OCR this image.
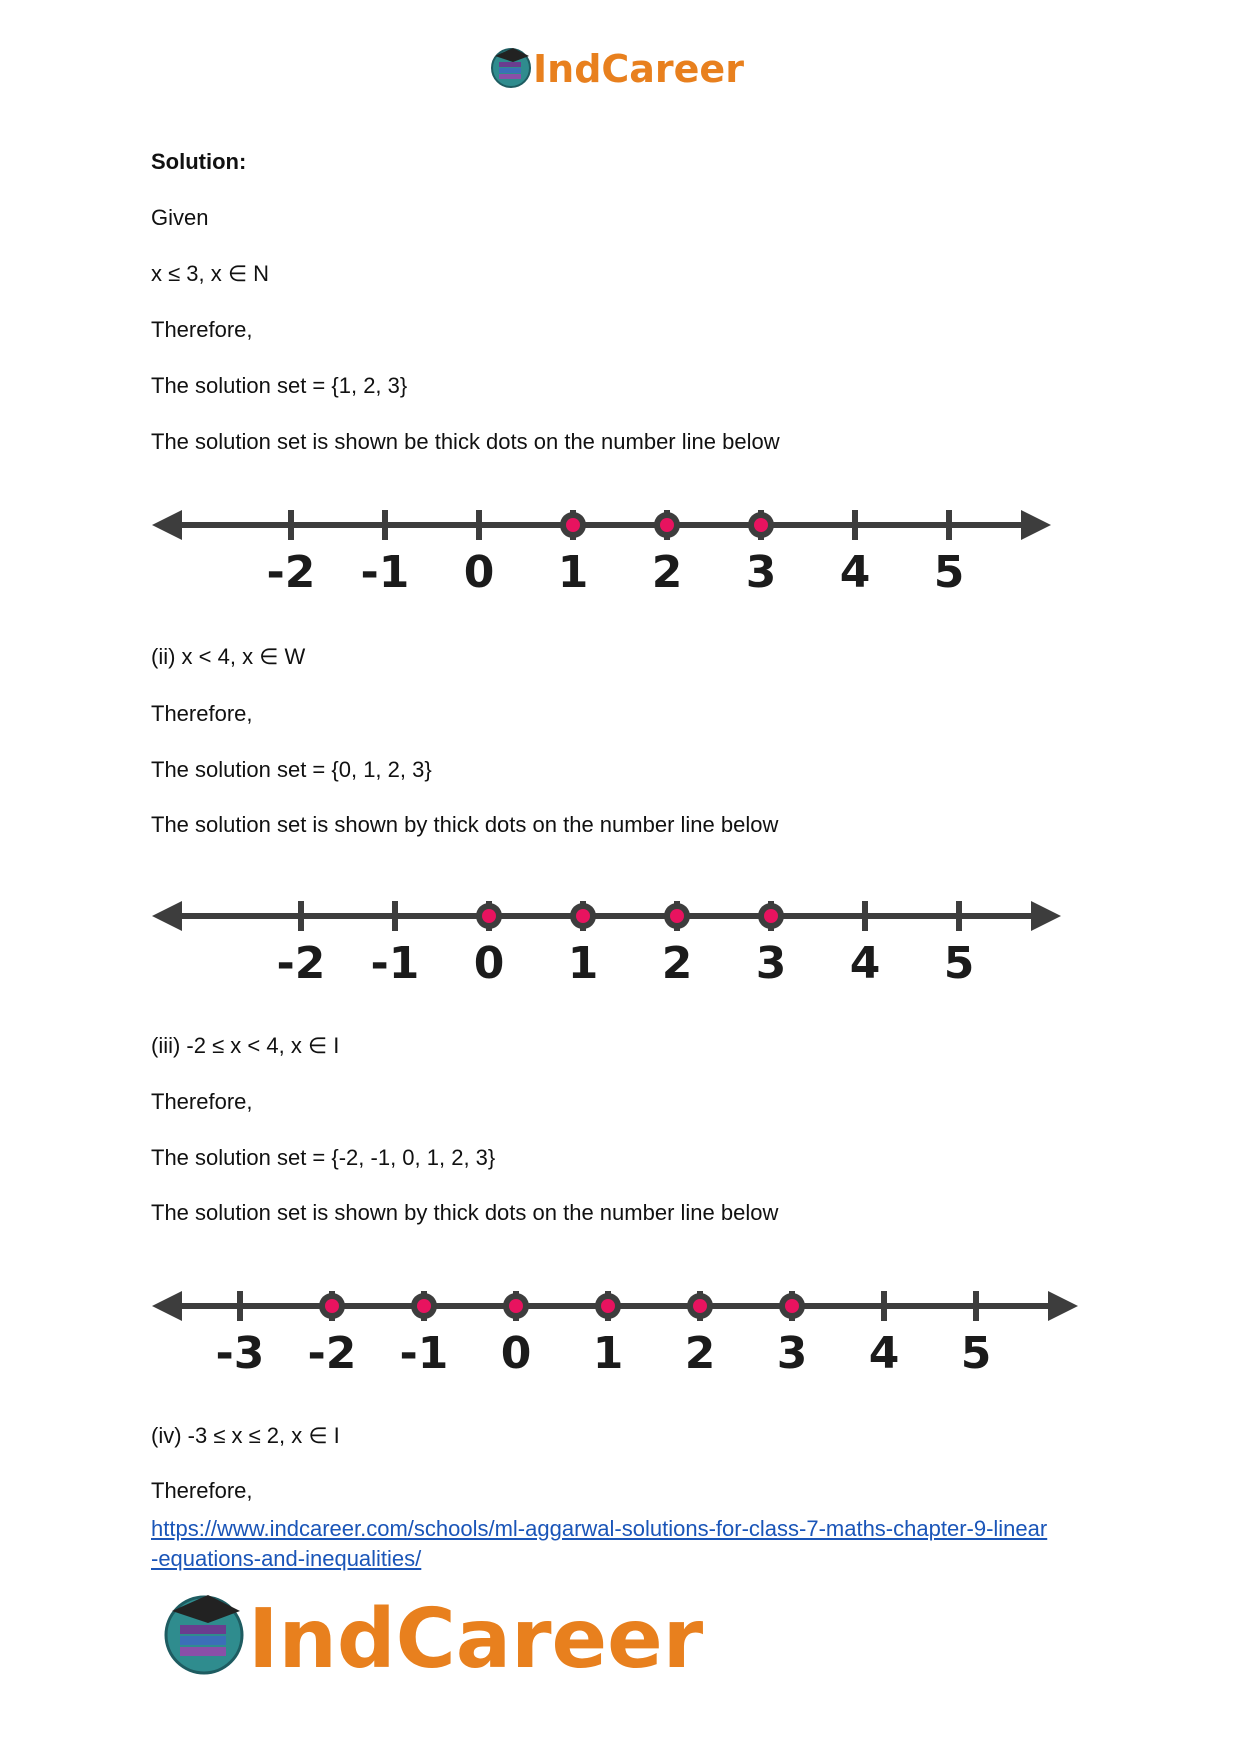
IndCareer
Solution:
Given
x ≤ 3, x ∈ N
Therefore,
The solution set = {1, 2, 3}
The solution set is shown be thick dots on the number line below
-2 -1 0 1 2 3 4 5
(ii) x < 4, x ∈ W
Therefore,
The solution set = {0, 1, 2, 3}
The solution set is shown by thick dots on the number line below
-2 -1 0 1 2 3 4 5
(iii) -2 ≤ x < 4, x ∈ I
Therefore,
The solution set = {-2, -1, 0, 1, 2, 3}
The solution set is shown by thick dots on the number line below
-3 -2 -1 0 1 2 3 4 5
(iv) -3 ≤ x ≤ 2, x ∈ I
Therefore,
https://www.indcareer.com/schools/ml-aggarwal-solutions-for-class-7-maths-chapter-9-linear
-equations-and-inequalities/
IndCareer
